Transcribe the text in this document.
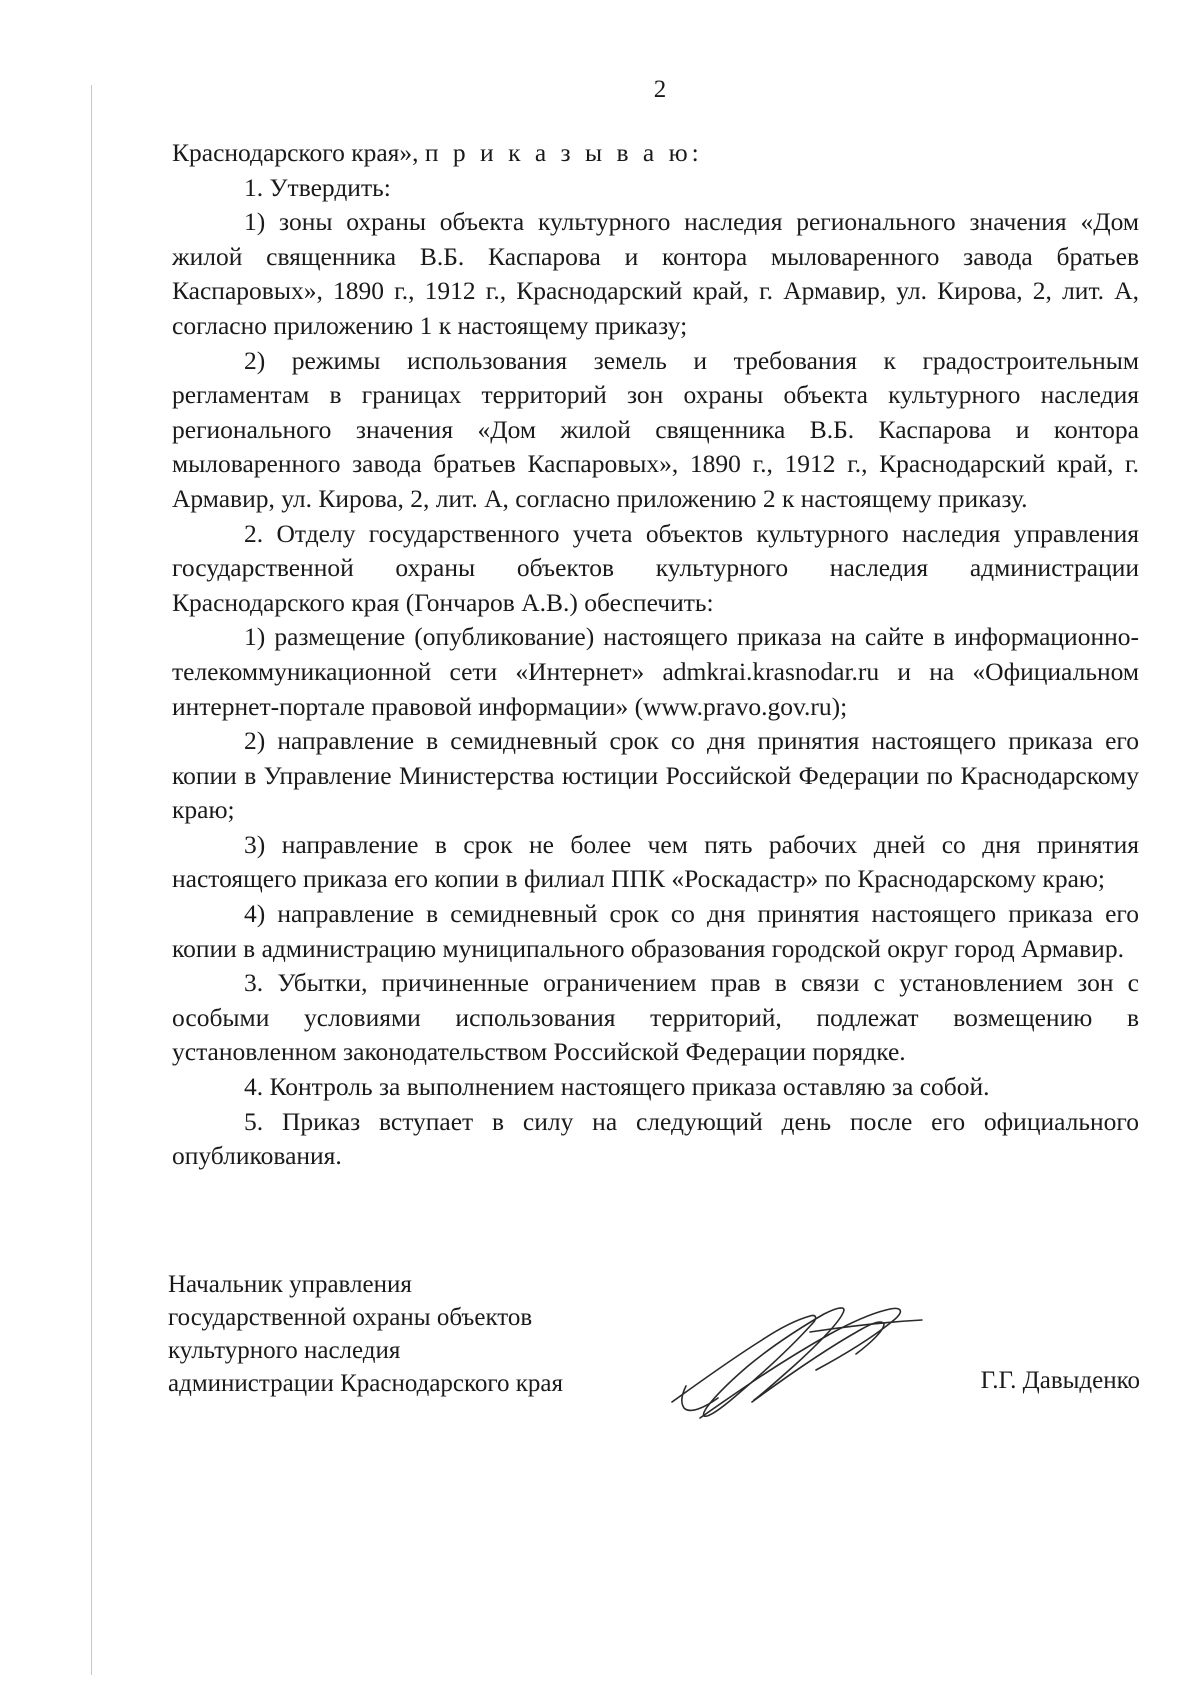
2

Краснодарского края», п р и к а з ы в а ю:

1. Утвердить:

1) зоны охраны объекта культурного наследия регионального значения «Дом жилой священника В.Б. Каспарова и контора мыловаренного завода братьев Каспаровых», 1890 г., 1912 г., Краснодарский край, г. Армавир, ул. Кирова, 2, лит. А, согласно приложению 1 к настоящему приказу;

2) режимы использования земель и требования к градостроительным регламентам в границах территорий зон охраны объекта культурного наследия регионального значения «Дом жилой священника В.Б. Каспарова и контора мыловаренного завода братьев Каспаровых», 1890 г., 1912 г., Краснодарский край, г. Армавир, ул. Кирова, 2, лит. А, согласно приложению 2 к настоящему приказу.

2. Отделу государственного учета объектов культурного наследия управления государственной охраны объектов культурного наследия администрации Краснодарского края (Гончаров А.В.) обеспечить:

1) размещение (опубликование) настоящего приказа на сайте в информационно-телекоммуникационной сети «Интернет» admkrai.krasnodar.ru и на «Официальном интернет-портале правовой информации» (www.pravo.gov.ru);

2) направление в семидневный срок со дня принятия настоящего приказа его копии в Управление Министерства юстиции Российской Федерации по Краснодарскому краю;

3) направление в срок не более чем пять рабочих дней со дня принятия настоящего приказа его копии в филиал ППК «Роскадастр» по Краснодарскому краю;

4) направление в семидневный срок со дня принятия настоящего приказа его копии в администрацию муниципального образования городской округ город Армавир.

3. Убытки, причиненные ограничением прав в связи с установлением зон с особыми условиями использования территорий, подлежат возмещению в установленном законодательством Российской Федерации порядке.

4. Контроль за выполнением настоящего приказа оставляю за собой.

5. Приказ вступает в силу на следующий день после его официального опубликования.

Начальник управления
государственной охраны объектов
культурного наследия
администрации Краснодарского края	Г.Г. Давыденко
